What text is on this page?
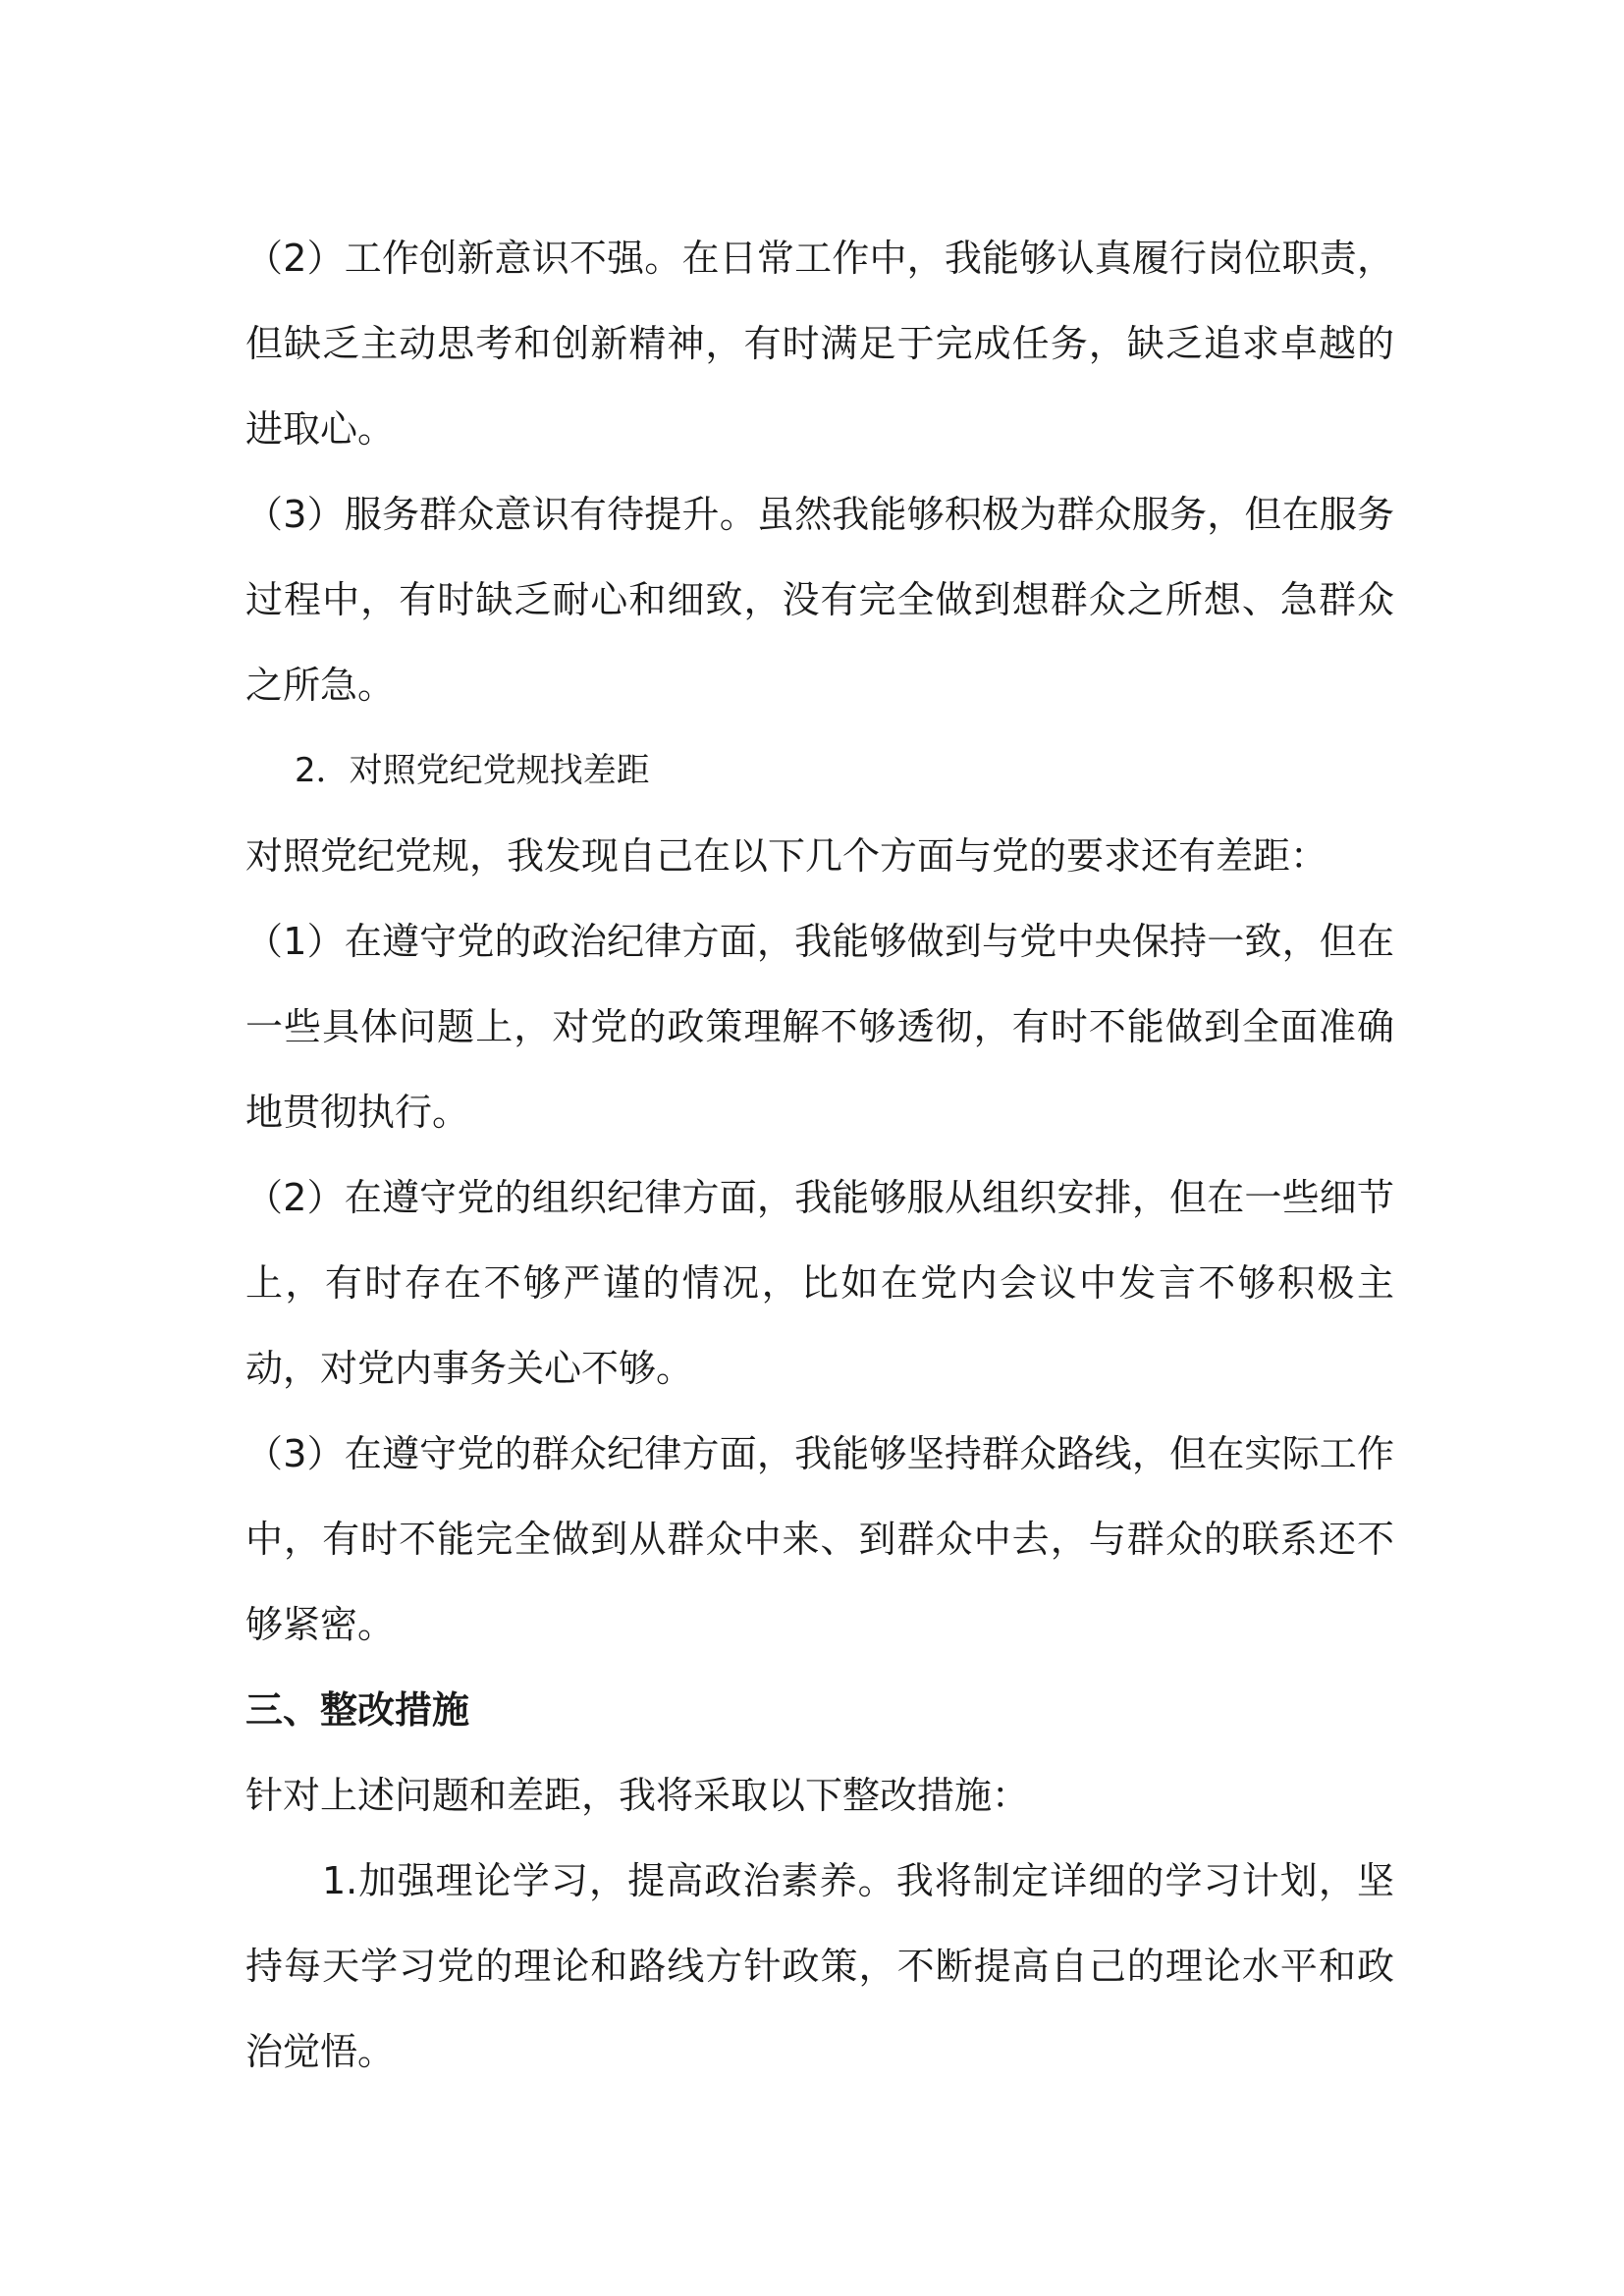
（2）工作创新意识不强。在日常工作中，我能够认真履行岗位职责，但缺乏主动思考和创新精神，有时满足于完成任务，缺乏追求卓越的进取心。

（3）服务群众意识有待提升。虽然我能够积极为群众服务，但在服务过程中，有时缺乏耐心和细致，没有完全做到想群众之所想、急群众之所急。

2．对照党纪党规找差距

对照党纪党规，我发现自己在以下几个方面与党的要求还有差距：

（1）在遵守党的政治纪律方面，我能够做到与党中央保持一致，但在一些具体问题上，对党的政策理解不够透彻，有时不能做到全面准确地贯彻执行。

（2）在遵守党的组织纪律方面，我能够服从组织安排，但在一些细节上，有时存在不够严谨的情况，比如在党内会议中发言不够积极主动，对党内事务关心不够。

（3）在遵守党的群众纪律方面，我能够坚持群众路线，但在实际工作中，有时不能完全做到从群众中来、到群众中去，与群众的联系还不够紧密。

三、整改措施

针对上述问题和差距，我将采取以下整改措施：

1.加强理论学习，提高政治素养。我将制定详细的学习计划，坚持每天学习党的理论和路线方针政策，不断提高自己的理论水平和政治觉悟。
